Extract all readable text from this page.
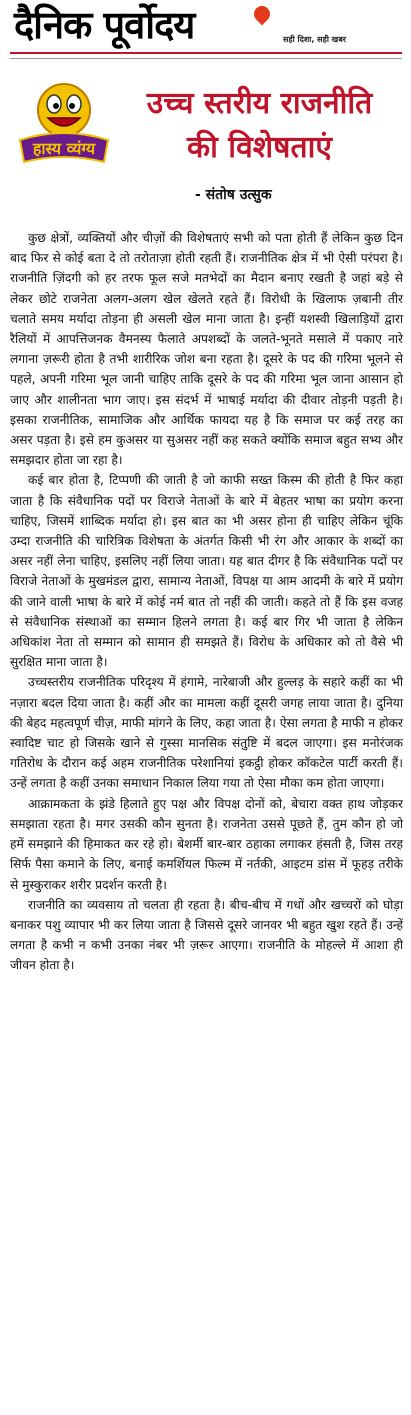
दैनिक पूर्वोदय	सही दिशा, सही खबर
हास्य व्यंग्य
उच्च स्तरीय राजनीति
की विशेषताएं
- संतोष उत्सुक

कुछ क्षेत्रों, व्यक्तियों और चीज़ों की विशेषताएं सभी को पता होती हैं लेकिन कुछ दिन बाद फिर से कोई बता दे तो तरोताज़ा होती रहती हैं। राजनीतिक क्षेत्र में भी ऐसी परंपरा है। राजनीति ज़िंदगी को हर तरफ फूल सजे मतभेदों का मैदान बनाए रखती है जहां बड़े से लेकर छोटे राजनेता अलग-अलग खेल खेलते रहते हैं। विरोधी के खिलाफ ज़बानी तीर चलाते समय मर्यादा तोड़ना ही असली खेल माना जाता है। इन्हीं यशस्वी खिलाड़ियों द्वारा रैलियों में आपत्तिजनक वैमनस्य फैलाते अपशब्दों के जलते-भूनते मसाले में पकाए नारे लगाना ज़रूरी होता है तभी शारीरिक जोश बना रहता है। दूसरे के पद की गरिमा भूलने से पहले, अपनी गरिमा भूल जानी चाहिए ताकि दूसरे के पद की गरिमा भूल जाना आसान हो जाए और शालीनता भाग जाए। इस संदर्भ में भाषाई मर्यादा की दीवार तोड़नी पड़ती है। इसका राजनीतिक, सामाजिक और आर्थिक फायदा यह है कि समाज पर कई तरह का असर पड़ता है। इसे हम कुअसर या सुअसर नहीं कह सकते क्योंकि समाज बहुत सभ्य और समझदार होता जा रहा है।

कई बार होता है, टिप्पणी की जाती है जो काफी सख्त किस्म की होती है फिर कहा जाता है कि संवैधानिक पदों पर विराजे नेताओं के बारे में बेहतर भाषा का प्रयोग करना चाहिए, जिसमें शाब्दिक मर्यादा हो। इस बात का भी असर होना ही चाहिए लेकिन चूंकि उम्दा राजनीति की चारित्रिक विशेषता के अंतर्गत किसी भी रंग और आकार के शब्दों का असर नहीं लेना चाहिए, इसलिए नहीं लिया जाता। यह बात दीगर है कि संवैधानिक पदों पर विराजे नेताओं के मुखमंडल द्वारा, सामान्य नेताओं, विपक्ष या आम आदमी के बारे में प्रयोग की जाने वाली भाषा के बारे में कोई नर्म बात तो नहीं की जाती। कहते तो हैं कि इस वजह से संवैधानिक संस्थाओं का सम्मान हिलने लगता है। कई बार गिर भी जाता है लेकिन अधिकांश नेता तो सम्मान को सामान ही समझते हैं। विरोध के अधिकार को तो वैसे भी सुरक्षित माना जाता है।

उच्चस्तरीय राजनीतिक परिदृश्य में हंगामे, नारेबाजी और हुल्लड़ के सहारे कहीं का भी नज़ारा बदल दिया जाता है। कहीं और का मामला कहीं दूसरी जगह लाया जाता है। दुनिया की बेहद महत्वपूर्ण चीज़, माफी मांगने के लिए, कहा जाता है। ऐसा लगता है माफी न होकर स्वादिष्ट चाट हो जिसके खाने से गुस्सा मानसिक संतुष्टि में बदल जाएगा। इस मनोरंजक गतिरोध के दौरान कई अहम राजनीतिक परेशानियां इकट्ठी होकर कॉकटेल पार्टी करती हैं। उन्हें लगता है कहीं उनका समाधान निकाल लिया गया तो ऐसा मौका कम होता जाएगा।

आक्रामकता के झंडे हिलाते हुए पक्ष और विपक्ष दोनों को, बेचारा वक्त हाथ जोड़कर समझाता रहता है। मगर उसकी कौन सुनता है। राजनेता उससे पूछते हैं, तुम कौन हो जो हमें समझाने की हिमाकत कर रहे हो। बेशर्मी बार-बार ठहाका लगाकर हंसती है, जिस तरह सिर्फ पैसा कमाने के लिए, बनाई कमर्शियल फिल्म में नर्तकी, आइटम डांस में फूहड़ तरीके से मुस्कुराकर शरीर प्रदर्शन करती है।

राजनीति का व्यवसाय तो चलता ही रहता है। बीच-बीच में गधों और खच्चरों को घोड़ा बनाकर पशु व्यापार भी कर लिया जाता है जिससे दूसरे जानवर भी बहुत खुश रहते हैं। उन्हें लगता है कभी न कभी उनका नंबर भी ज़रूर आएगा। राजनीति के मोहल्ले में आशा ही जीवन होता है।
